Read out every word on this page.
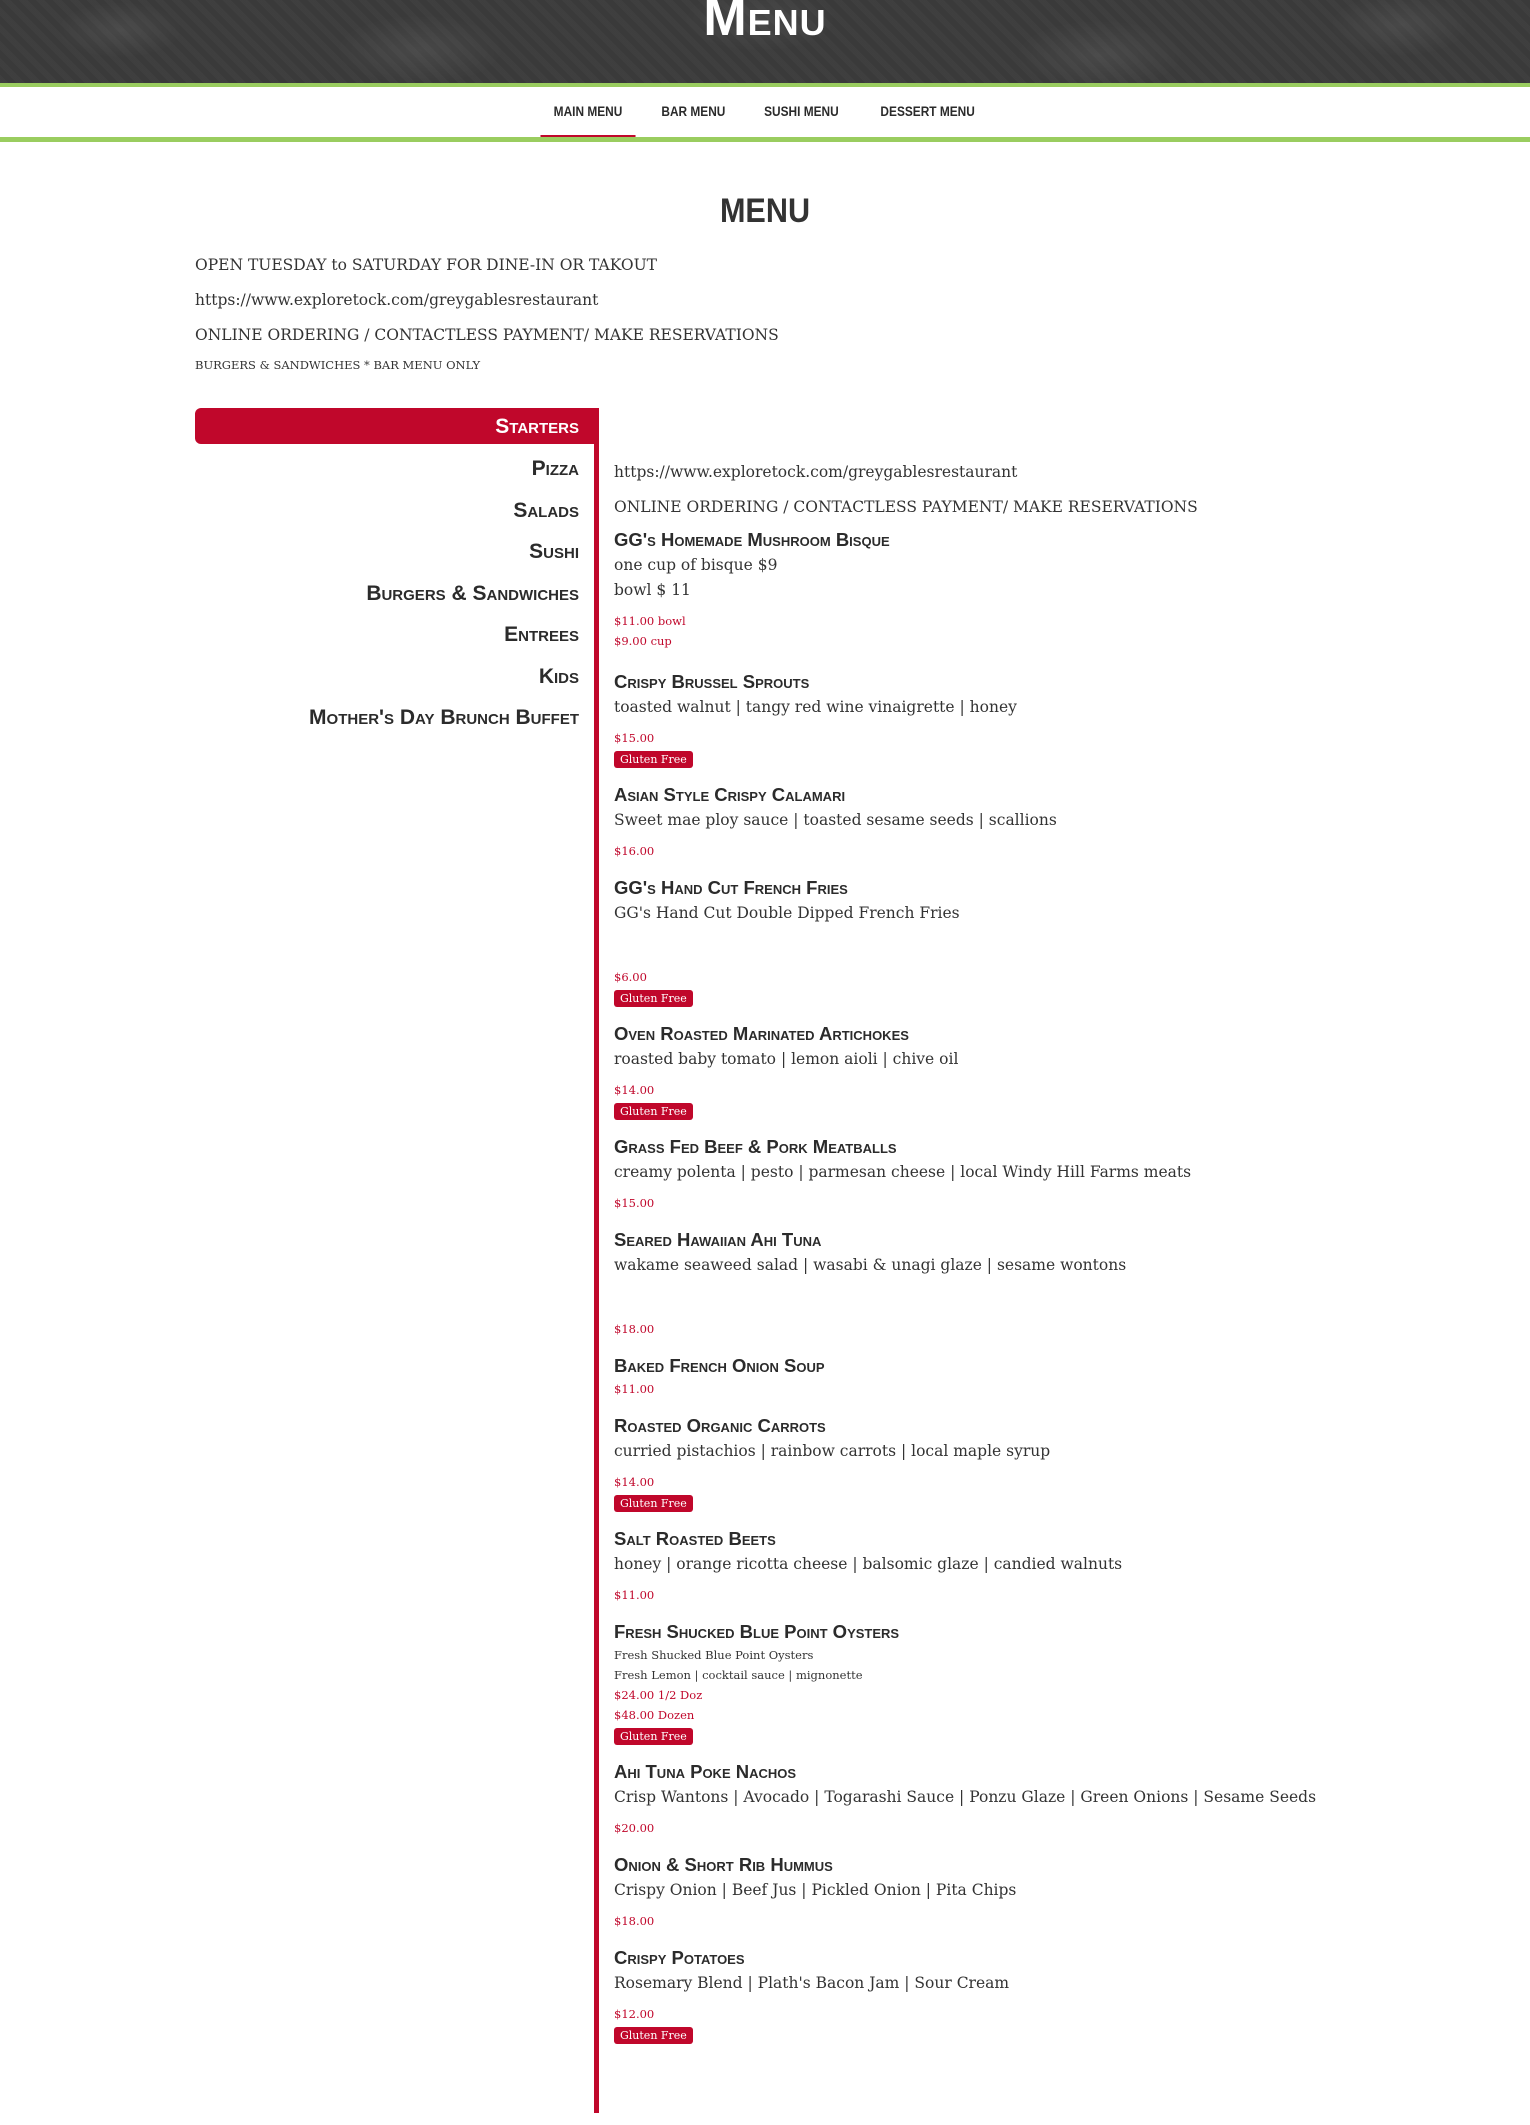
Menu
MAIN MENU	BAR MENU	SUSHI MENU	DESSERT MENU
MENU

OPEN TUESDAY to SATURDAY FOR DINE-IN OR TAKOUT

https://www.exploretock.com/greygablesrestaurant

ONLINE ORDERING / CONTACTLESS PAYMENT/ MAKE RESERVATIONS

BURGERS & SANDWICHES * BAR MENU ONLY

Starters
Pizza
Salads
Sushi
Burgers & Sandwiches
Entrees
Kids
Mother's Day Brunch Buffet

https://www.exploretock.com/greygablesrestaurant

ONLINE ORDERING / CONTACTLESS PAYMENT/ MAKE RESERVATIONS

GG's Homemade Mushroom Bisque
one cup of bisque $9
bowl $ 11
$11.00 bowl
$9.00 cup
Crispy Brussel Sprouts
toasted walnut | tangy red wine vinaigrette | honey
$15.00
Gluten Free
Asian Style Crispy Calamari
Sweet mae ploy sauce | toasted sesame seeds | scallions
$16.00
GG's Hand Cut French Fries
GG's Hand Cut Double Dipped French Fries
$6.00
Gluten Free
Oven Roasted Marinated Artichokes
roasted baby tomato | lemon aioli | chive oil
$14.00
Gluten Free
Grass Fed Beef & Pork Meatballs
creamy polenta | pesto | parmesan cheese | local Windy Hill Farms meats
$15.00
Seared Hawaiian Ahi Tuna
wakame seaweed salad | wasabi & unagi glaze | sesame wontons
$18.00
Baked French Onion Soup
$11.00
Roasted Organic Carrots
curried pistachios | rainbow carrots | local maple syrup
$14.00
Gluten Free
Salt Roasted Beets
honey | orange ricotta cheese | balsomic glaze | candied walnuts
$11.00
Fresh Shucked Blue Point Oysters
Fresh Shucked Blue Point Oysters
Fresh Lemon | cocktail sauce | mignonette
$24.00 1/2 Doz
$48.00 Dozen
Gluten Free
Ahi Tuna Poke Nachos
Crisp Wantons | Avocado | Togarashi Sauce | Ponzu Glaze | Green Onions | Sesame Seeds
$20.00
Onion & Short Rib Hummus
Crispy Onion | Beef Jus | Pickled Onion | Pita Chips
$18.00
Crispy Potatoes
Rosemary Blend | Plath's Bacon Jam | Sour Cream
$12.00
Gluten Free
